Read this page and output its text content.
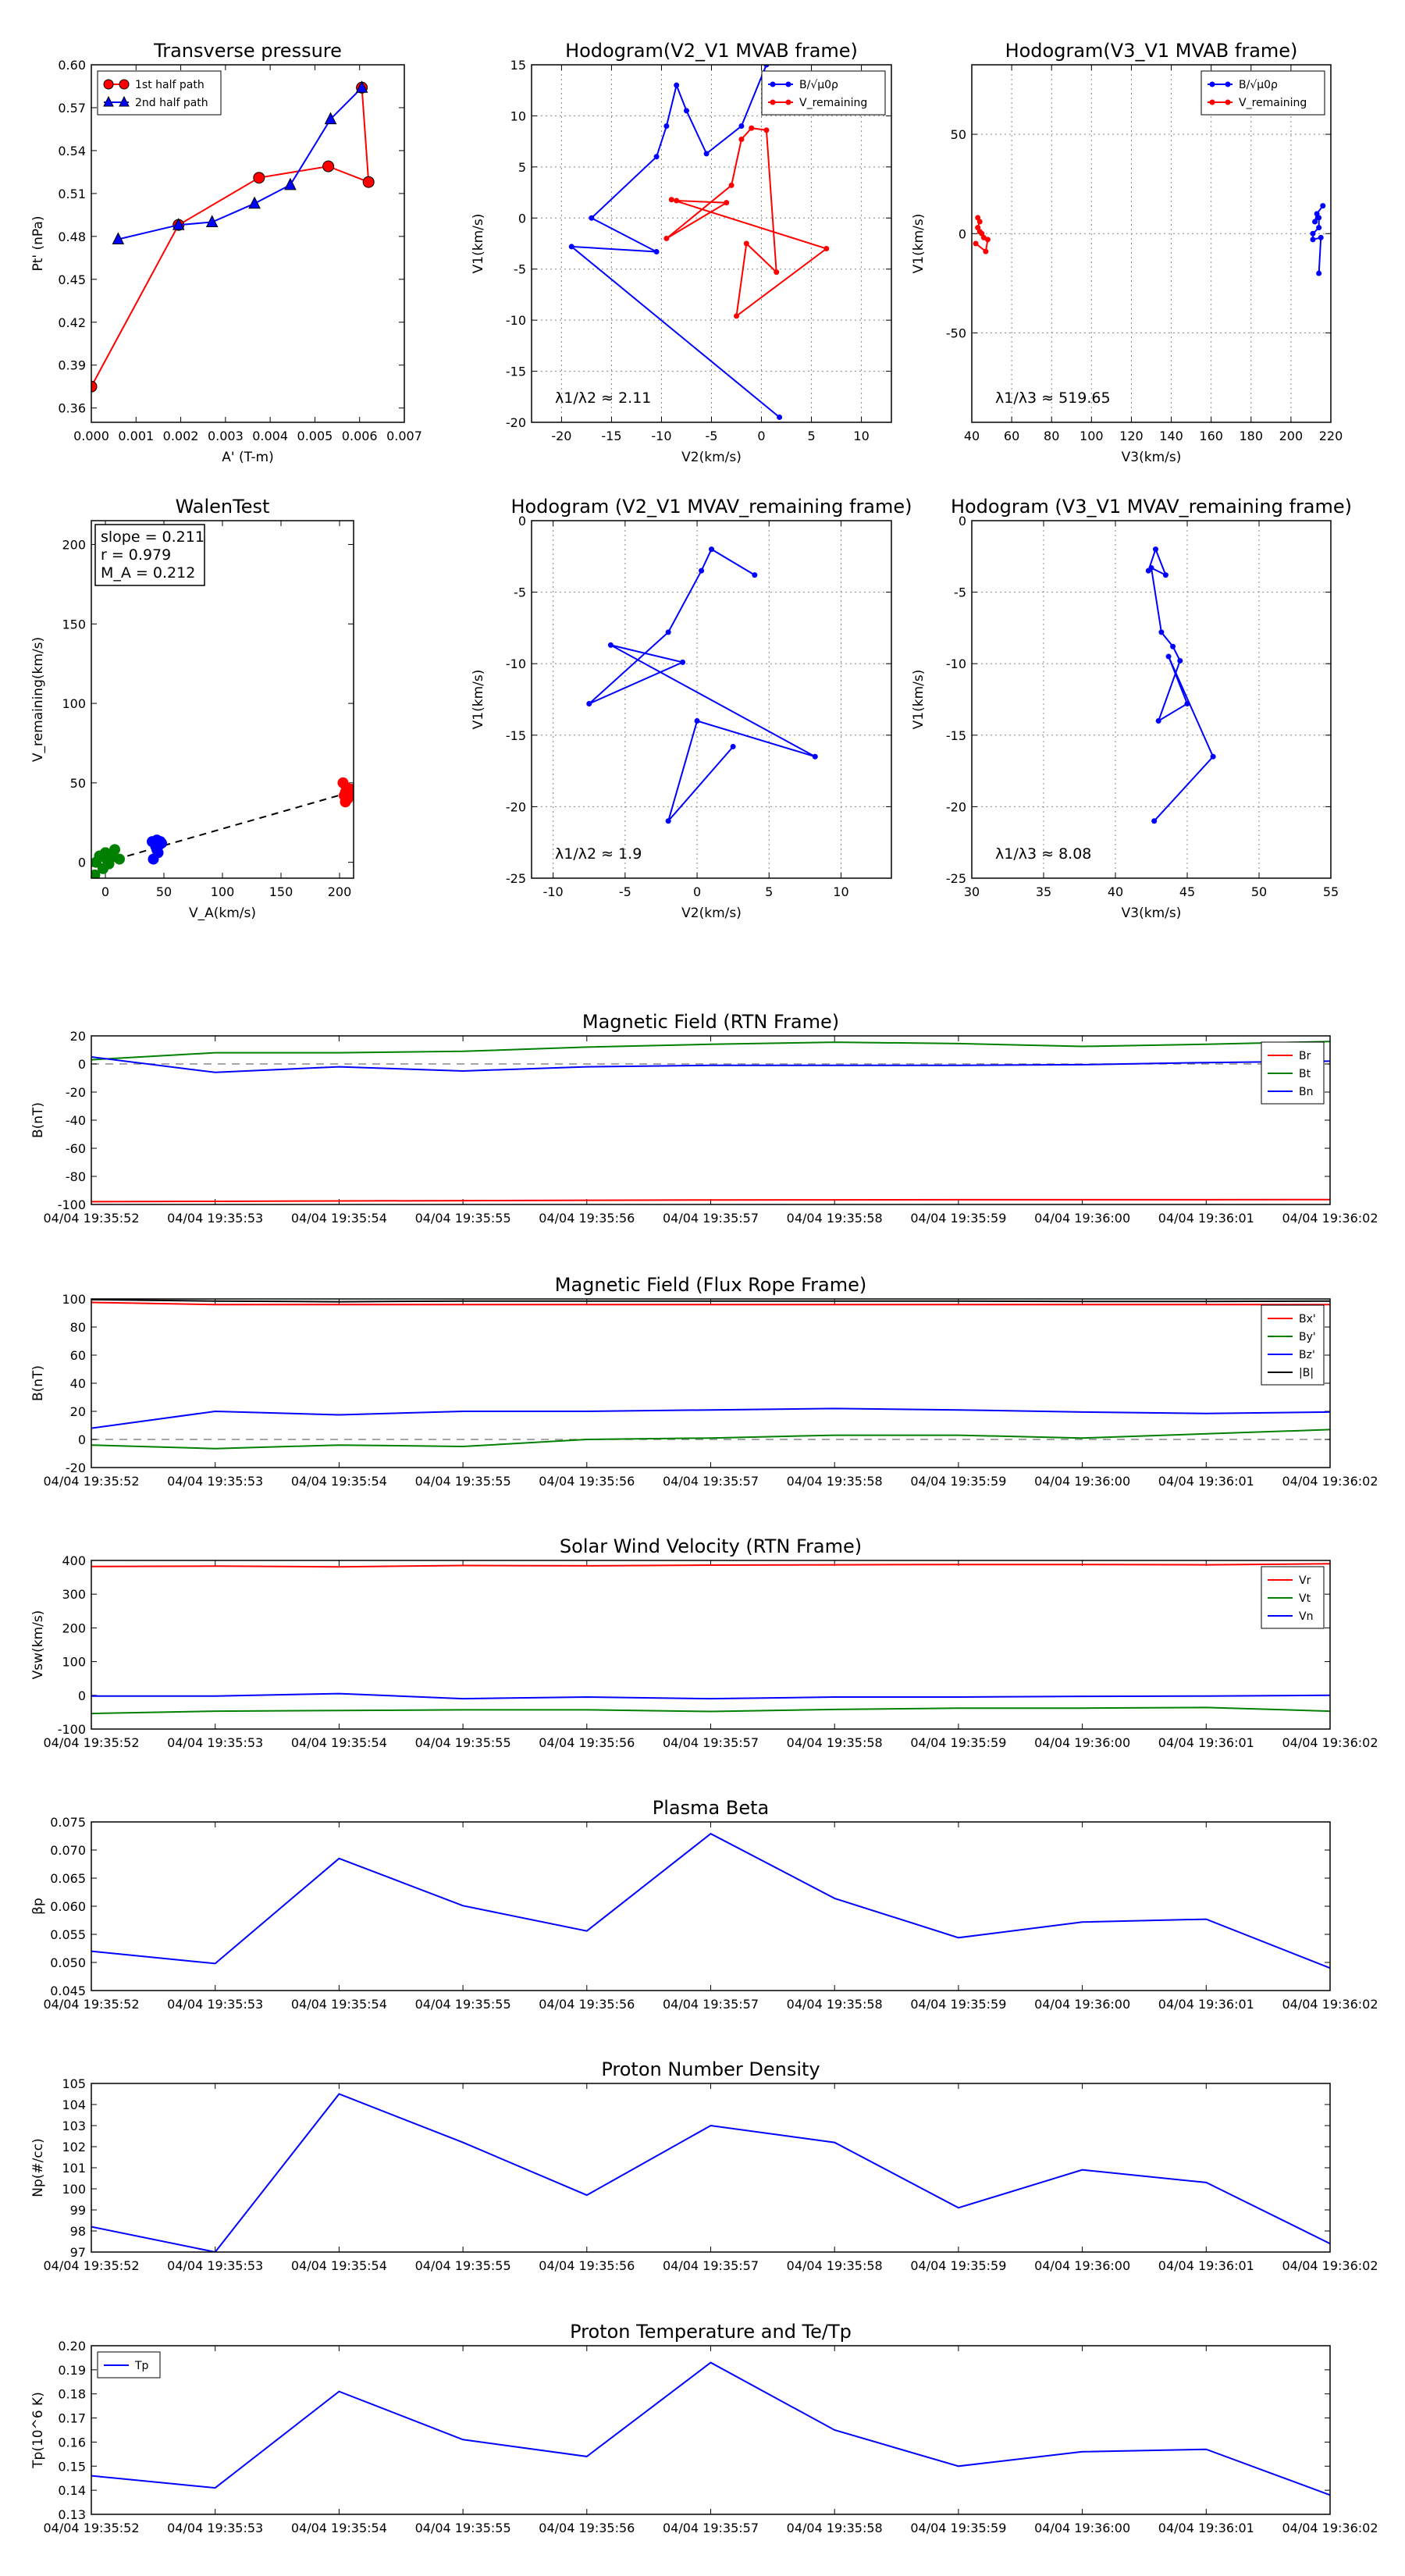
0.000 0.001 0.002 0.003 0.004 0.005 0.006 0.007
0.36
0.39
0.42
0.45
0.48
0.51
0.54
0.57
0.60
Transverse pressure
A' (T-m)
Pt' (nPa)
1st half path
2nd half path
-20 -15 -10	-5	0	5	10
-20
-15
-10
-5
0
5
10
15
Hodogram(V2_V1 MVAB frame)
V2(km/s)
V1(km/s)
λ1/λ2 ≈ 2.11
B/√μ0ρ
V_remaining
40 60 80 100 120 140 160 180 200 220
-50
0
50
Hodogram(V3_V1 MVAB frame)
V3(km/s)
V1(km/s)
λ1/λ3 ≈ 519.65
B/√μ0ρ
V_remaining
0	50	100	150	200
0
50
100
150
200
WalenTest
V_A(km/s)
V_remaining(km/s)
slope = 0.211
r = 0.979
M_A = 0.212
-10	-5	0	5	10
-25
-20
-15
-10
-5
0
Hodogram (V2_V1 MVAV_remaining frame)
V2(km/s)
V1(km/s)
λ1/λ2 ≈ 1.9
30	35	40	45	50	55
-25
-20
-15
-10
-5
0
Hodogram (V3_V1 MVAV_remaining frame)
V3(km/s)
V1(km/s)
λ1/λ3 ≈ 8.08
04/04 19:35:52 04/04 19:35:53 04/04 19:35:54 04/04 19:35:55 04/04 19:35:56 04/04 19:35:57 04/04 19:35:58 04/04 19:35:59 04/04 19:36:00 04/04 19:36:01 04/04 19:36:02
-100
-80
-60
-40
-20
0
20
Magnetic Field (RTN Frame)
B(nT)
Br
Bt
Bn
04/04 19:35:52 04/04 19:35:53 04/04 19:35:54 04/04 19:35:55 04/04 19:35:56 04/04 19:35:57 04/04 19:35:58 04/04 19:35:59 04/04 19:36:00 04/04 19:36:01 04/04 19:36:02
-20
0
20
40
60
80
100
Magnetic Field (Flux Rope Frame)
B(nT)
Bx'
By'
Bz'
|B|
04/04 19:35:52 04/04 19:35:53 04/04 19:35:54 04/04 19:35:55 04/04 19:35:56 04/04 19:35:57 04/04 19:35:58 04/04 19:35:59 04/04 19:36:00 04/04 19:36:01 04/04 19:36:02
-100
0
100
200
300
400
Solar Wind Velocity (RTN Frame)
Vsw(km/s)
Vr
Vt
Vn
04/04 19:35:52 04/04 19:35:53 04/04 19:35:54 04/04 19:35:55 04/04 19:35:56 04/04 19:35:57 04/04 19:35:58 04/04 19:35:59 04/04 19:36:00 04/04 19:36:01 04/04 19:36:02
0.045
0.050
0.055
0.060
0.065
0.070
0.075
Plasma Beta
βp
04/04 19:35:52 04/04 19:35:53 04/04 19:35:54 04/04 19:35:55 04/04 19:35:56 04/04 19:35:57 04/04 19:35:58 04/04 19:35:59 04/04 19:36:00 04/04 19:36:01 04/04 19:36:02
97
98
99
100
101
102
103
104
105
Proton Number Density
Np(#/cc)
04/04 19:35:52 04/04 19:35:53 04/04 19:35:54 04/04 19:35:55 04/04 19:35:56 04/04 19:35:57 04/04 19:35:58 04/04 19:35:59 04/04 19:36:00 04/04 19:36:01 04/04 19:36:02
0.13
0.14
0.15
0.16
0.17
0.18
0.19
0.20
Proton Temperature and Te/Tp
Tp(10^6 K)
Tp
